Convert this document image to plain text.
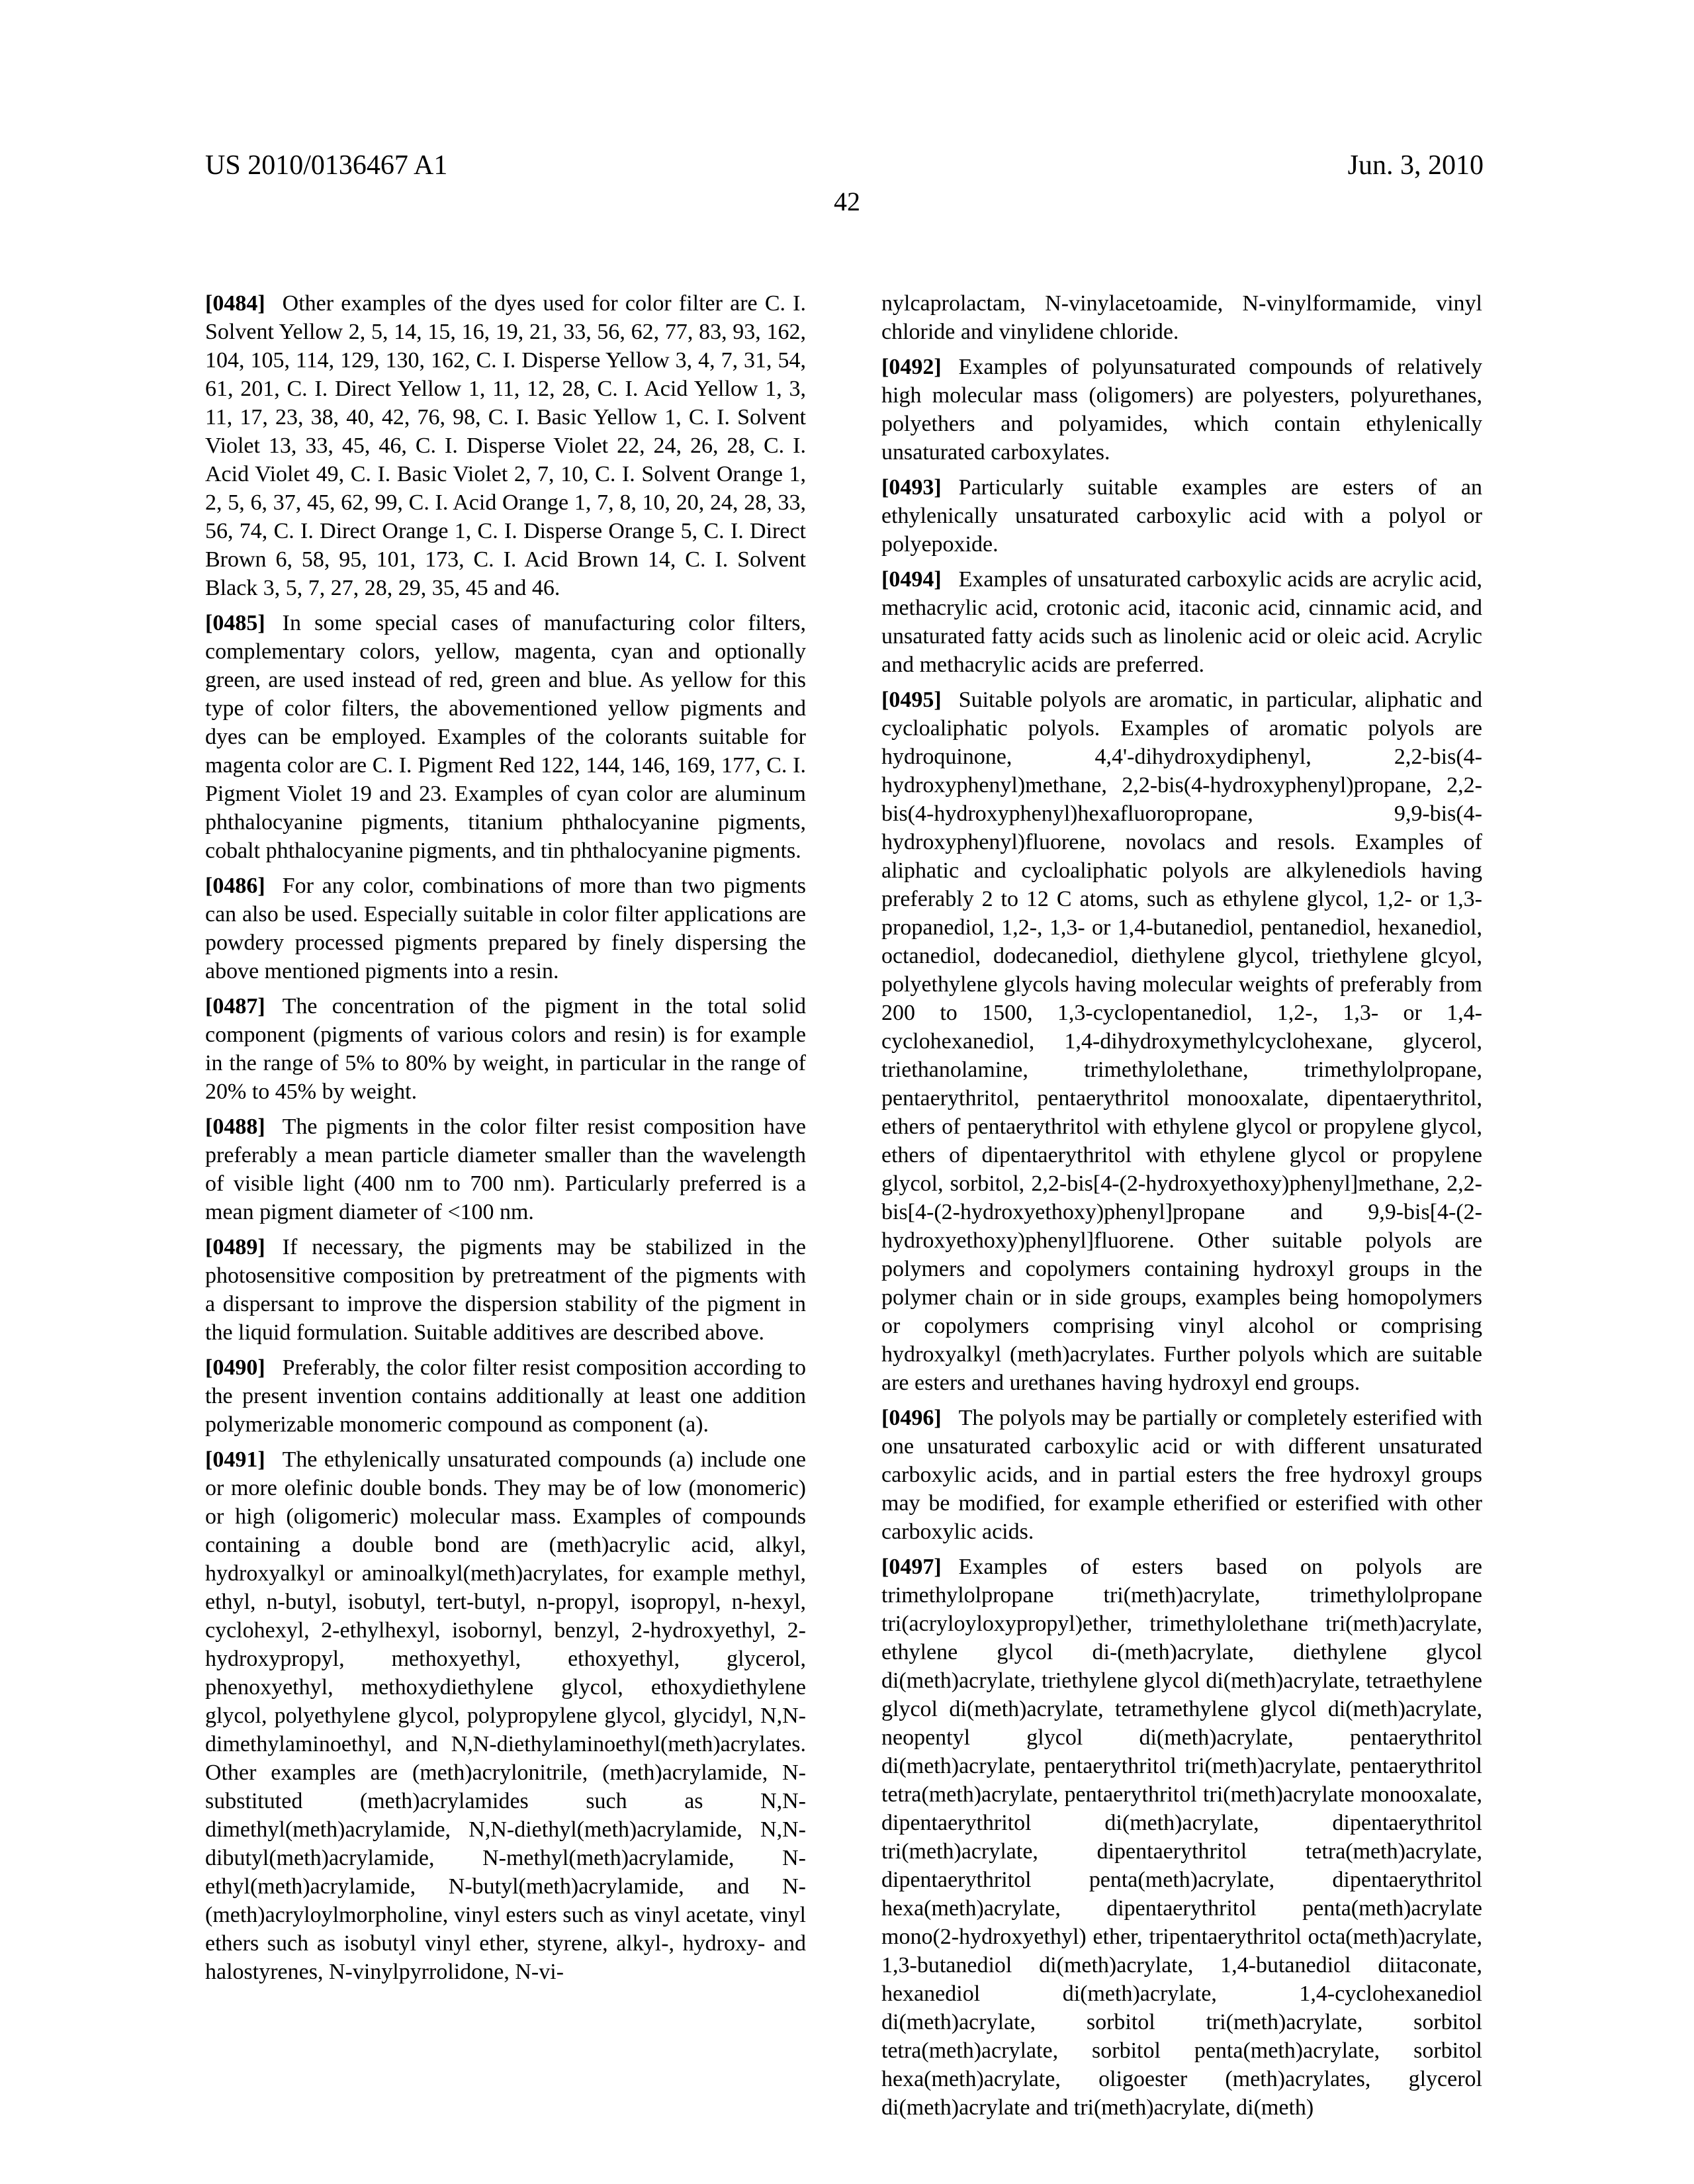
US 2010/0136467 A1	Jun. 3, 2010
42

[0484] Other examples of the dyes used for color filter are C. I. Solvent Yellow 2, 5, 14, 15, 16, 19, 21, 33, 56, 62, 77, 83, 93, 162, 104, 105, 114, 129, 130, 162, C. I. Disperse Yellow 3, 4, 7, 31, 54, 61, 201, C. I. Direct Yellow 1, 11, 12, 28, C. I. Acid Yellow 1, 3, 11, 17, 23, 38, 40, 42, 76, 98, C. I. Basic Yellow 1, C. I. Solvent Violet 13, 33, 45, 46, C. I. Disperse Violet 22, 24, 26, 28, C. I. Acid Violet 49, C. I. Basic Violet 2, 7, 10, C. I. Solvent Orange 1, 2, 5, 6, 37, 45, 62, 99, C. I. Acid Orange 1, 7, 8, 10, 20, 24, 28, 33, 56, 74, C. I. Direct Orange 1, C. I. Disperse Orange 5, C. I. Direct Brown 6, 58, 95, 101, 173, C. I. Acid Brown 14, C. I. Solvent Black 3, 5, 7, 27, 28, 29, 35, 45 and 46.

[0485] In some special cases of manufacturing color filters, complementary colors, yellow, magenta, cyan and optionally green, are used instead of red, green and blue. As yellow for this type of color filters, the abovementioned yellow pigments and dyes can be employed. Examples of the colorants suitable for magenta color are C. I. Pigment Red 122, 144, 146, 169, 177, C. I. Pigment Violet 19 and 23. Examples of cyan color are aluminum phthalocyanine pigments, titanium phthalocyanine pigments, cobalt phthalocyanine pigments, and tin phthalocyanine pigments.

[0486] For any color, combinations of more than two pigments can also be used. Especially suitable in color filter applications are powdery processed pigments prepared by finely dispersing the above mentioned pigments into a resin.

[0487] The concentration of the pigment in the total solid component (pigments of various colors and resin) is for example in the range of 5% to 80% by weight, in particular in the range of 20% to 45% by weight.

[0488] The pigments in the color filter resist composition have preferably a mean particle diameter smaller than the wavelength of visible light (400 nm to 700 nm). Particularly preferred is a mean pigment diameter of <100 nm.

[0489] If necessary, the pigments may be stabilized in the photosensitive composition by pretreatment of the pigments with a dispersant to improve the dispersion stability of the pigment in the liquid formulation. Suitable additives are described above.

[0490] Preferably, the color filter resist composition according to the present invention contains additionally at least one addition polymerizable monomeric compound as component (a).

[0491] The ethylenically unsaturated compounds (a) include one or more olefinic double bonds. They may be of low (monomeric) or high (oligomeric) molecular mass. Examples of compounds containing a double bond are (meth)acrylic acid, alkyl, hydroxyalkyl or aminoalkyl(meth)acrylates, for example methyl, ethyl, n-butyl, isobutyl, tert-butyl, n-propyl, isopropyl, n-hexyl, cyclohexyl, 2-ethylhexyl, isobornyl, benzyl, 2-hydroxyethyl, 2-hydroxypropyl, methoxyethyl, ethoxyethyl, glycerol, phenoxyethyl, methoxydiethylene glycol, ethoxydiethylene glycol, polyethylene glycol, polypropylene glycol, glycidyl, N,N-dimethylaminoethyl, and N,N-diethylaminoethyl(meth)acrylates. Other examples are (meth)acrylonitrile, (meth)acrylamide, N-substituted (meth)acrylamides such as N,N-dimethyl(meth)acrylamide, N,N-diethyl(meth)acrylamide, N,N-dibutyl(meth)acrylamide, N-methyl(meth)acrylamide, N-ethyl(meth)acrylamide, N-butyl(meth)acrylamide, and N-(meth)acryloylmorpholine, vinyl esters such as vinyl acetate, vinyl ethers such as isobutyl vinyl ether, styrene, alkyl-, hydroxy- and halostyrenes, N-vinylpyrrolidone, N-vi-

nylcaprolactam, N-vinylacetoamide, N-vinylformamide, vinyl chloride and vinylidene chloride.

[0492] Examples of polyunsaturated compounds of relatively high molecular mass (oligomers) are polyesters, polyurethanes, polyethers and polyamides, which contain ethylenically unsaturated carboxylates.

[0493] Particularly suitable examples are esters of an ethylenically unsaturated carboxylic acid with a polyol or polyepoxide.

[0494] Examples of unsaturated carboxylic acids are acrylic acid, methacrylic acid, crotonic acid, itaconic acid, cinnamic acid, and unsaturated fatty acids such as linolenic acid or oleic acid. Acrylic and methacrylic acids are preferred.

[0495] Suitable polyols are aromatic, in particular, aliphatic and cycloaliphatic polyols. Examples of aromatic polyols are hydroquinone, 4,4'-dihydroxydiphenyl, 2,2-bis(4-hydroxyphenyl)methane, 2,2-bis(4-hydroxyphenyl)propane, 2,2-bis(4-hydroxyphenyl)hexafluoropropane, 9,9-bis(4-hydroxyphenyl)fluorene, novolacs and resols. Examples of aliphatic and cycloaliphatic polyols are alkylenediols having preferably 2 to 12 C atoms, such as ethylene glycol, 1,2- or 1,3-propanediol, 1,2-, 1,3- or 1,4-butanediol, pentanediol, hexanediol, octanediol, dodecanediol, diethylene glycol, triethylene glcyol, polyethylene glycols having molecular weights of preferably from 200 to 1500, 1,3-cyclopentanediol, 1,2-, 1,3- or 1,4-cyclohexanediol, 1,4-dihydroxymethylcyclohexane, glycerol, triethanolamine, trimethylolethane, trimethylolpropane, pentaerythritol, pentaerythritol monooxalate, dipentaerythritol, ethers of pentaerythritol with ethylene glycol or propylene glycol, ethers of dipentaerythritol with ethylene glycol or propylene glycol, sorbitol, 2,2-bis[4-(2-hydroxyethoxy)phenyl]methane, 2,2-bis[4-(2-hydroxyethoxy)phenyl]propane and 9,9-bis[4-(2-hydroxyethoxy)phenyl]fluorene. Other suitable polyols are polymers and copolymers containing hydroxyl groups in the polymer chain or in side groups, examples being homopolymers or copolymers comprising vinyl alcohol or comprising hydroxyalkyl (meth)acrylates. Further polyols which are suitable are esters and urethanes having hydroxyl end groups.

[0496] The polyols may be partially or completely esterified with one unsaturated carboxylic acid or with different unsaturated carboxylic acids, and in partial esters the free hydroxyl groups may be modified, for example etherified or esterified with other carboxylic acids.

[0497] Examples of esters based on polyols are trimethylolpropane tri(meth)acrylate, trimethylolpropane tri(acryloyloxypropyl)ether, trimethylolethane tri(meth)acrylate, ethylene glycol di-(meth)acrylate, diethylene glycol di(meth)acrylate, triethylene glycol di(meth)acrylate, tetraethylene glycol di(meth)acrylate, tetramethylene glycol di(meth)acrylate, neopentyl glycol di(meth)acrylate, pentaerythritol di(meth)acrylate, pentaerythritol tri(meth)acrylate, pentaerythritol tetra(meth)acrylate, pentaerythritol tri(meth)acrylate monooxalate, dipentaerythritol di(meth)acrylate, dipentaerythritol tri(meth)acrylate, dipentaerythritol tetra(meth)acrylate, dipentaerythritol penta(meth)acrylate, dipentaerythritol hexa(meth)acrylate, dipentaerythritol penta(meth)acrylate mono(2-hydroxyethyl) ether, tripentaerythritol octa(meth)acrylate, 1,3-butanediol di(meth)acrylate, 1,4-butanediol diitaconate, hexanediol di(meth)acrylate, 1,4-cyclohexanediol di(meth)acrylate, sorbitol tri(meth)acrylate, sorbitol tetra(meth)acrylate, sorbitol penta(meth)acrylate, sorbitol hexa(meth)acrylate, oligoester (meth)acrylates, glycerol di(meth)acrylate and tri(meth)acrylate, di(meth)
